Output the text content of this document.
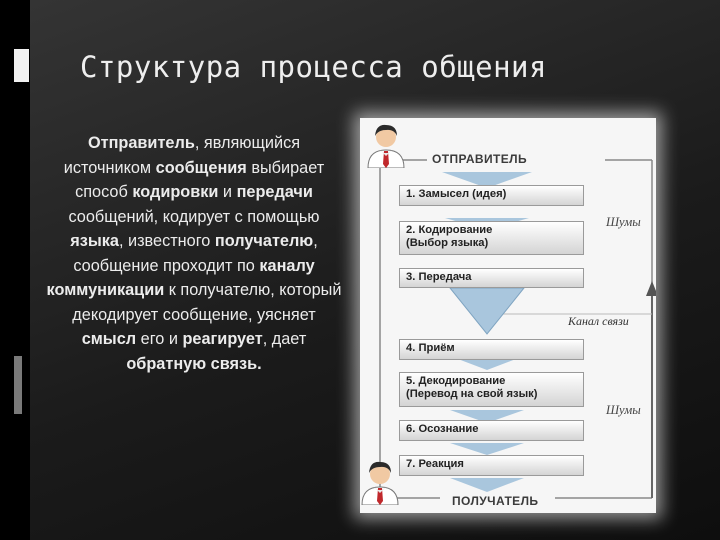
Структура процесса общения
Отправитель, являющийся источником сообщения выбирает способ кодировки и передачи сообщений, кодирует с помощью языка, известного получателю, сообщение проходит по каналу коммуникации к получателю, который декодирует сообщение, уясняет смысл его и реагирует, дает обратную связь.
ОТПРАВИТЕЛЬ
1. Замысел (идея)
2. Кодирование
(Выбор языка)
3. Передача
4. Приём
5. Декодирование
(Перевод на свой язык)
6. Осознание
7. Реакция
Шумы
Канал связи
Шумы
ПОЛУЧАТЕЛЬ
